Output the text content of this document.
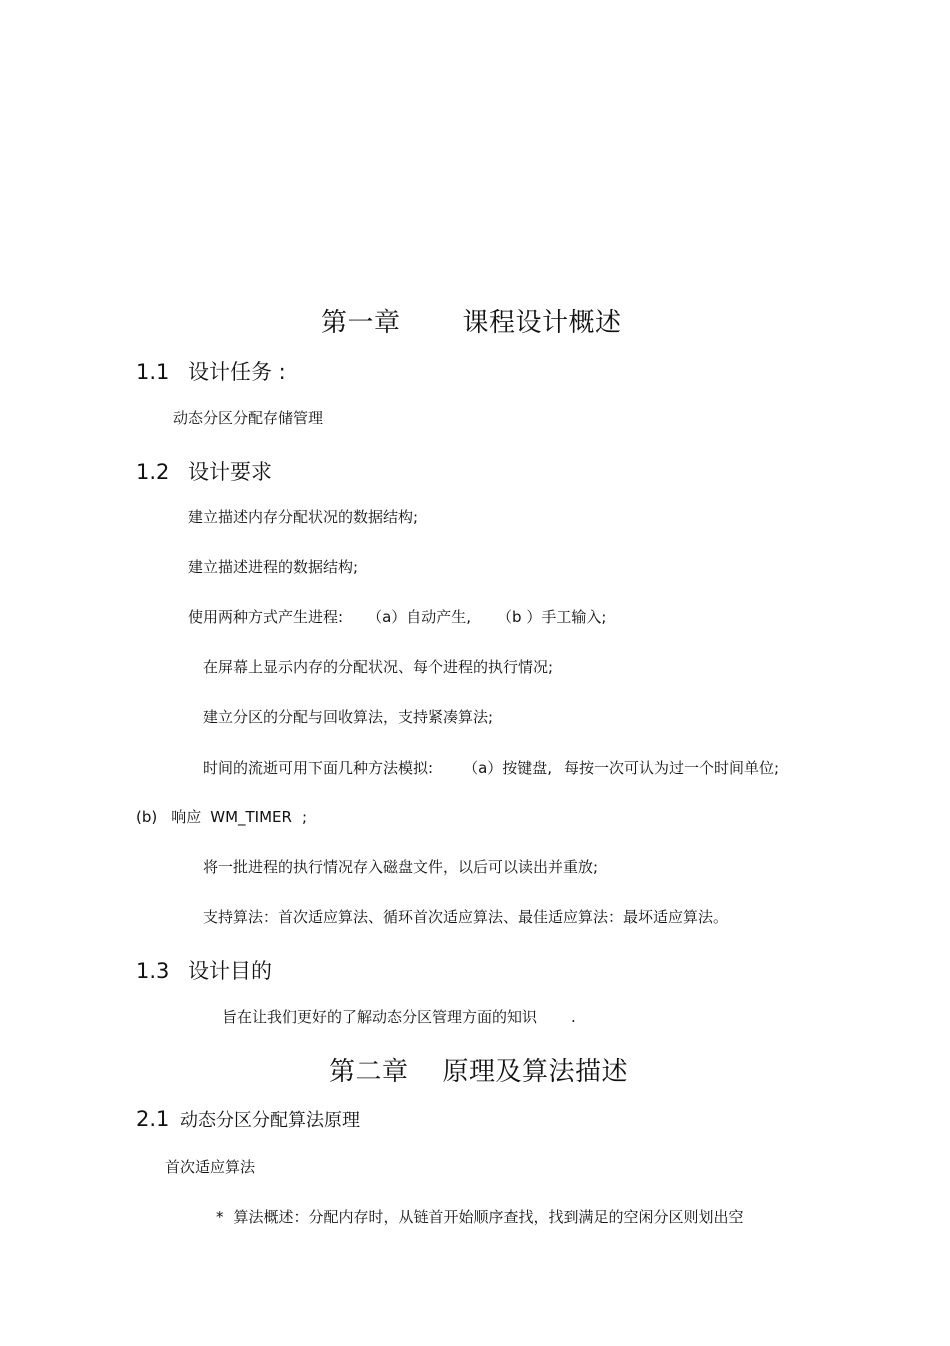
第一章 课程设计概述
1.1 设计任务 :
动态分区分配存储管理
1.2 设计要求
建立描述内存分配状况的数据结构;
建立描述进程的数据结构;
使用两种方式产生进程: （a）自动产生, （b ）手工输入;
在屏幕上显示内存的分配状况、每个进程的执行情况;
建立分区的分配与回收算法，支持紧凑算法;
时间的流逝可用下面几种方法模拟: （a）按键盘, 每按一次可认为过一个时间单位;
(b) 响应 WM_TIMER ;
将一批进程的执行情况存入磁盘文件，以后可以读出并重放;
支持算法：首次适应算法、循环首次适应算法、最佳适应算法：最坏适应算法。
1.3 设计目的
旨在让我们更好的了解动态分区管理方面的知识 .
第二章 原理及算法描述
2.1 动态分区分配算法原理
首次适应算法
* 算法概述：分配内存时，从链首开始顺序查找，找到满足的空闲分区则划出空
